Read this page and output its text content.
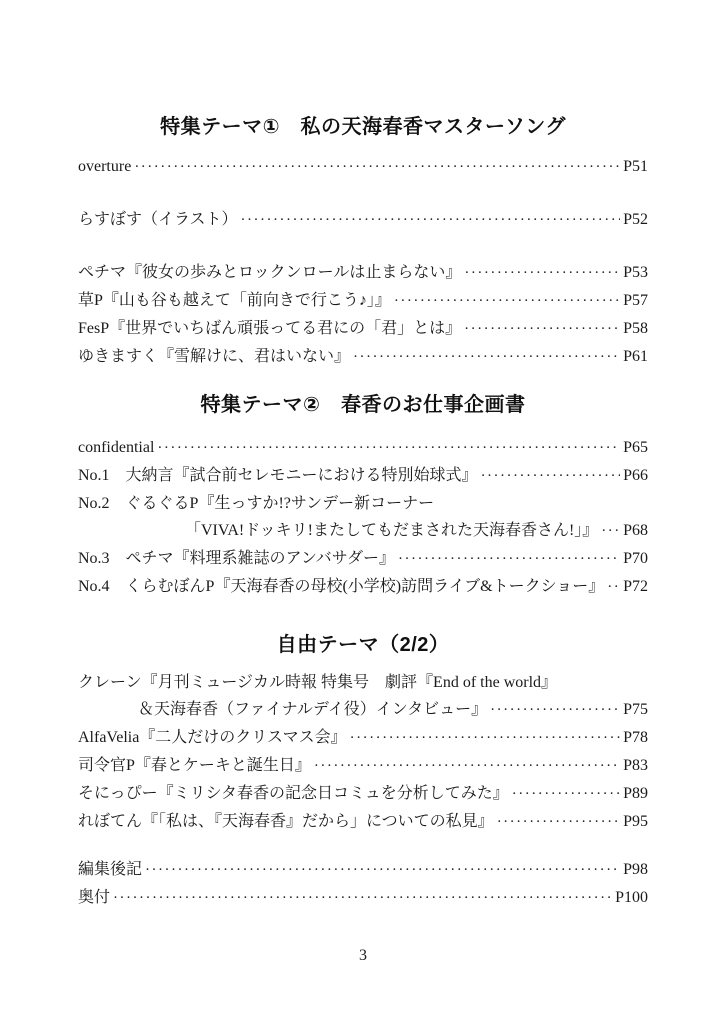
特集テーマ①　私の天海春香マスターソング
overture ·····	P51
らすぼす（イラスト） ·····	P52
ペチマ『彼女の歩みとロックンロールは止まらない』 ·····	P53
草P『山も谷も越えて「前向きで行こう♪」』 ·····	P57
FesP『世界でいちばん頑張ってる君にの「君」とは』 ·····	P58
ゆきますく『雪解けに、君はいない』 ·····	P61
特集テーマ②　春香のお仕事企画書
confidential ·····	P65
No.1　大納言『試合前セレモニーにおける特別始球式』 ·····	P66
No.2　ぐるぐるP『生っすか!?サンデー新コーナー
「VIVA!ドッキリ!またしてもだまされた天海春香さん!」』 ····· P68
No.3　ペチマ『料理系雑誌のアンバサダー』 ·····	P70
No.4　くらむぼんP『天海春香の母校(小学校)訪問ライブ&トークショー』 ····· P72
自由テーマ（2/2）
クレーン『月刊ミュージカル時報 特集号　劇評『End of the world』
＆天海春香（ファイナルデイ役）インタビュー』 ·····	P75
AlfaVelia『二人だけのクリスマス会』 ·····	P78
司令官P『春とケーキと誕生日』 ·····	P83
そにっぴー『ミリシタ春香の記念日コミュを分析してみた』 ·····	P89
れぼてん『「私は、『天海春香』だから」についての私見』 ·····	P95
編集後記 ·····	P98
奥付 ·····	P100
3
